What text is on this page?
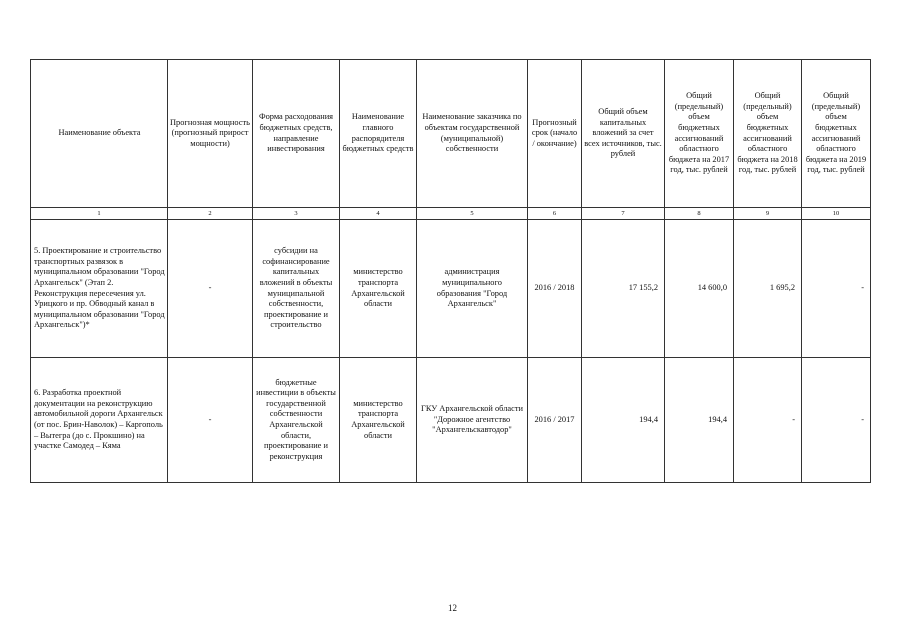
Наименование объекта	Прогнозная мощность (прогнозный прирост мощности)	Форма расходования бюджетных средств, направление инвестирования	Наименование главного распорядителя бюджетных средств	Наименование заказчика по объектам государственной (муниципальной) собственности	Прогнозный срок (начало / окончание)	Общий объем капитальных вложений за счет всех источников, тыс. рублей	Общий (предельный) объем бюджетных ассигнований областного бюджета на 2017 год, тыс. рублей	Общий (предельный) объем бюджетных ассигнований областного бюджета на 2018 год, тыс. рублей	Общий (предельный) объем бюджетных ассигнований областного бюджета на 2019 год, тыс. рублей
1	2	3	4	5	6	7	8	9	10
5. Проектирование и строительство транспортных развязок в муниципальном образовании "Город Архангельск" (Этап 2. Реконструкция пересечения ул. Урицкого и пр. Обводный канал в муниципальном образовании "Город Архангельск")*	-	субсидии на софинансирование капитальных вложений в объекты муниципальной собственности, проектирование и строительство	министерство транспорта Архангельской области	администрация муниципального образования "Город Архангельск"	2016 / 2018	17 155,2	14 600,0	1 695,2	-
6. Разработка проектной документации на реконструкцию автомобильной дороги Архангельск (от пос. Брин-Наволок) – Каргополь – Вытегра (до с. Прокшино) на участке Самодед – Кяма	-	бюджетные инвестиции в объекты государственной собственности Архангельской области, проектирование и реконструкция	министерство транспорта Архангельской области	ГКУ Архангельской области "Дорожное агентство "Архангельскавтодор"	2016 / 2017	194,4	194,4	-	-
12
